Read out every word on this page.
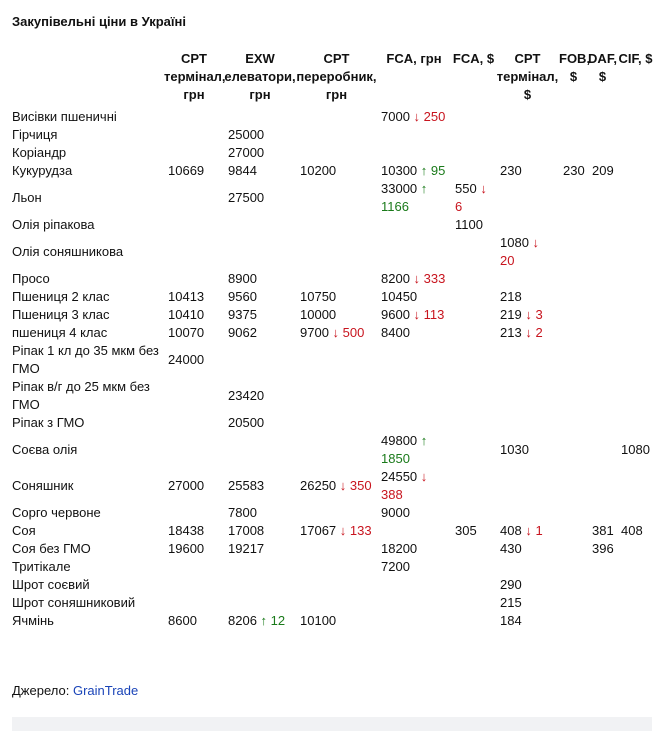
Закупівельні ціни в Україні
	CPT термінал, грн	EXW елеватори, грн	CPT переробник, грн	FCA, грн	FCA, $	CPT термінал, $	FOB, $	DAF, $	CIF, $
Висівки пшеничні				7000 ↓ 250					
Гірчиця		25000							
Коріандр		27000							
Кукурудза	10669	9844	10200	10300 ↑ 95		230	230	209	
Льон		27500		33000 ↑ 1166	550 ↓ 6				
Олія ріпакова					1100				
Олія соняшникова						1080 ↓ 20			
Просо		8900		8200 ↓ 333					
Пшениця 2 клас	10413	9560	10750	10450		218			
Пшениця 3 клас	10410	9375	10000	9600 ↓ 113		219 ↓ 3			
пшениця 4 клас	10070	9062	9700 ↓ 500	8400		213 ↓ 2			
Ріпак 1 кл до 35 мкм без ГМО	24000								
Ріпак в/г до 25 мкм без ГМО		23420							
Ріпак з ГМО		20500							
Соєва олія				49800 ↑ 1850		1030			1080
Соняшник	27000	25583	26250 ↓ 350	24550 ↓ 388					
Сорго червоне		7800		9000					
Соя	18438	17008	17067 ↓ 133		305	408 ↓ 1		381	408
Соя без ГМО	19600	19217		18200		430		396	
Тритікале				7200					
Шрот соєвий						290			
Шрот соняшниковий						215			
Ячмінь	8600	8206 ↑ 12	10100			184			
Джерело: GrainTrade
